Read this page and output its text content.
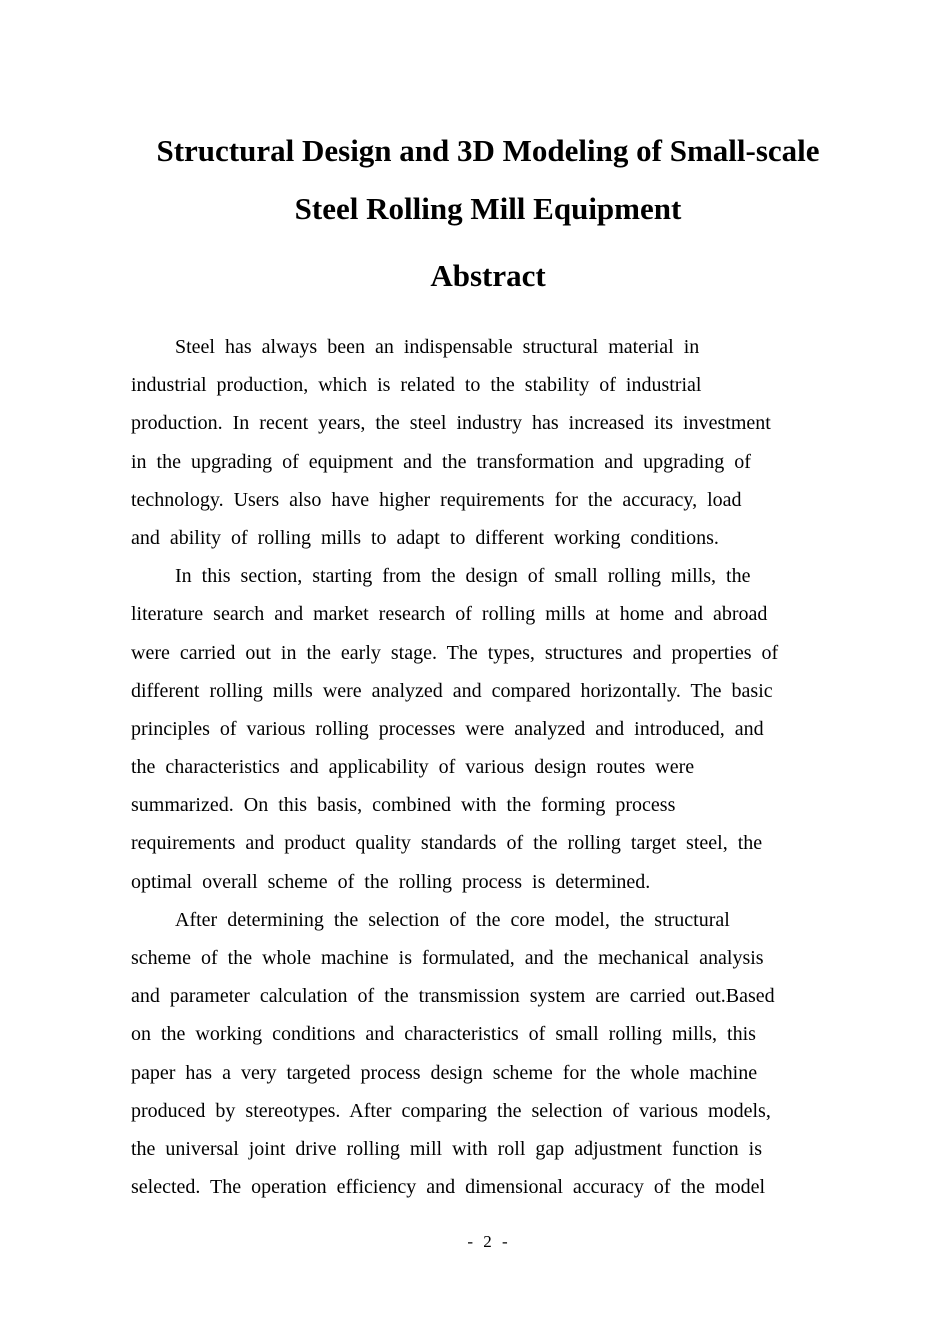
Structural Design and 3D Modeling of Small-scale
Steel Rolling Mill Equipment
Abstract
Steel has always been an indispensable structural material in
industrial production, which is related to the stability of industrial
production. In recent years, the steel industry has increased its investment
in the upgrading of equipment and the transformation and upgrading of
technology. Users also have higher requirements for the accuracy, load
and ability of rolling mills to adapt to different working conditions.
In this section, starting from the design of small rolling mills, the
literature search and market research of rolling mills at home and abroad
were carried out in the early stage. The types, structures and properties of
different rolling mills were analyzed and compared horizontally. The basic
principles of various rolling processes were analyzed and introduced, and
the characteristics and applicability of various design routes were
summarized. On this basis, combined with the forming process
requirements and product quality standards of the rolling target steel, the
optimal overall scheme of the rolling process is determined.
After determining the selection of the core model, the structural
scheme of the whole machine is formulated, and the mechanical analysis
and parameter calculation of the transmission system are carried out.Based
on the working conditions and characteristics of small rolling mills, this
paper has a very targeted process design scheme for the whole machine
produced by stereotypes. After comparing the selection of various models,
the universal joint drive rolling mill with roll gap adjustment function is
selected. The operation efficiency and dimensional accuracy of the model
- 2 -
